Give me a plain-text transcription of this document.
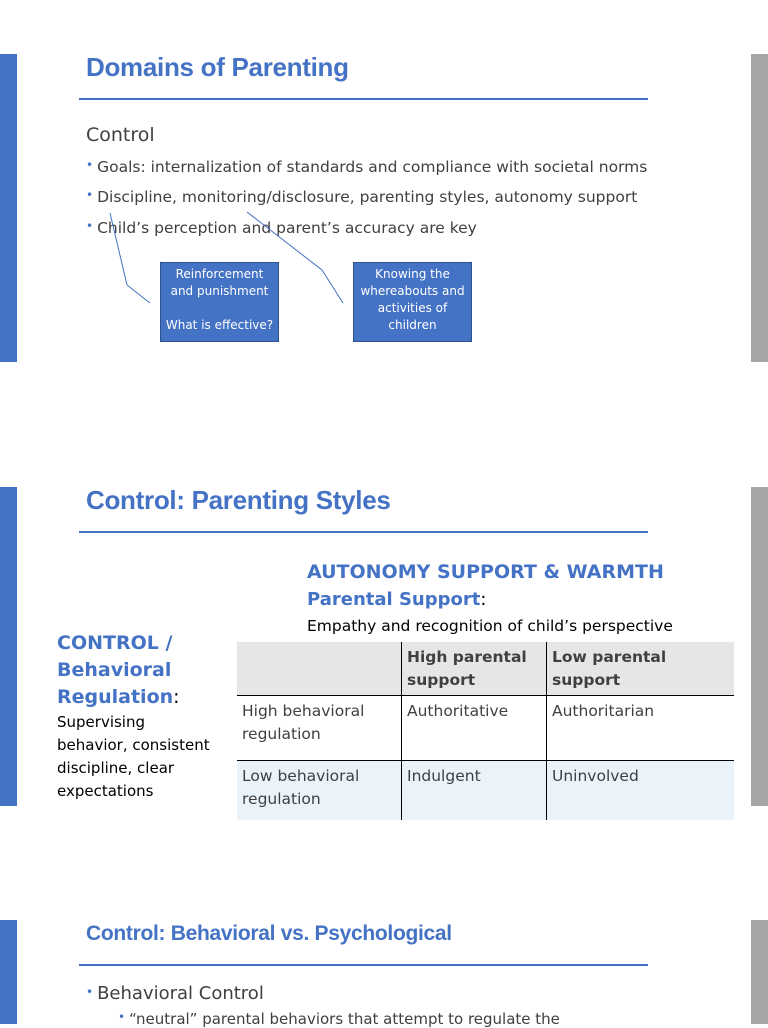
Domains of Parenting
Control
• Goals: internalization of standards and compliance with societal norms
• Discipline, monitoring/disclosure, parenting styles, autonomy support
• Child’s perception and parent’s accuracy are key
Reinforcement
and punishment
What is effective?
Knowing the
whereabouts and
activities of
children
Control: Parenting Styles
AUTONOMY SUPPORT & WARMTH
Parental Support:
Empathy and recognition of child’s perspective
CONTROL /
Behavioral
Regulation:
Supervising
behavior, consistent
discipline, clear
expectations
	High parental support	Low parental support
High behavioral regulation	Authoritative	Authoritarian
Low behavioral regulation	Indulgent	Uninvolved
Control: Behavioral vs. Psychological
• Behavioral Control
• “neutral” parental behaviors that attempt to regulate the
